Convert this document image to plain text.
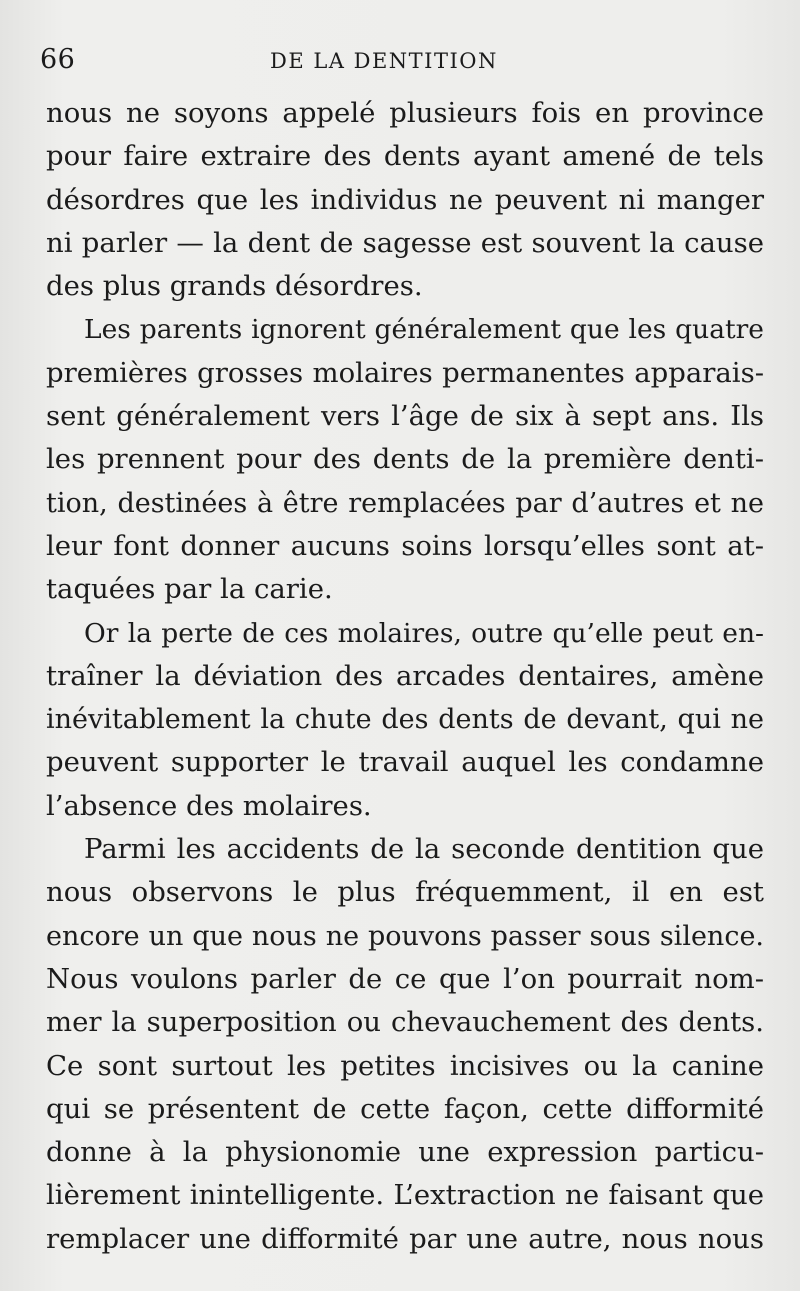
66	DE LA DENTITION
nous ne soyons appelé plusieurs fois en province
pour faire extraire des dents ayant amené de tels
désordres que les individus ne peuvent ni manger
ni parler — la dent de sagesse est souvent la cause
des plus grands désordres.
Les parents ignorent généralement que les quatre
premières grosses molaires permanentes apparais-
sent généralement vers l’âge de six à sept ans. Ils
les prennent pour des dents de la première denti-
tion, destinées à être remplacées par d’autres et ne
leur font donner aucuns soins lorsqu’elles sont at-
taquées par la carie.
Or la perte de ces molaires, outre qu’elle peut en-
traîner la déviation des arcades dentaires, amène
inévitablement la chute des dents de devant, qui ne
peuvent supporter le travail auquel les condamne
l’absence des molaires.
Parmi les accidents de la seconde dentition que
nous observons le plus fréquemment, il en est
encore un que nous ne pouvons passer sous silence.
Nous voulons parler de ce que l’on pourrait nom-
mer la superposition ou chevauchement des dents.
Ce sont surtout les petites incisives ou la canine
qui se présentent de cette façon, cette difformité
donne à la physionomie une expression particu-
lièrement inintelligente. L’extraction ne faisant que
remplacer une difformité par une autre, nous nous
